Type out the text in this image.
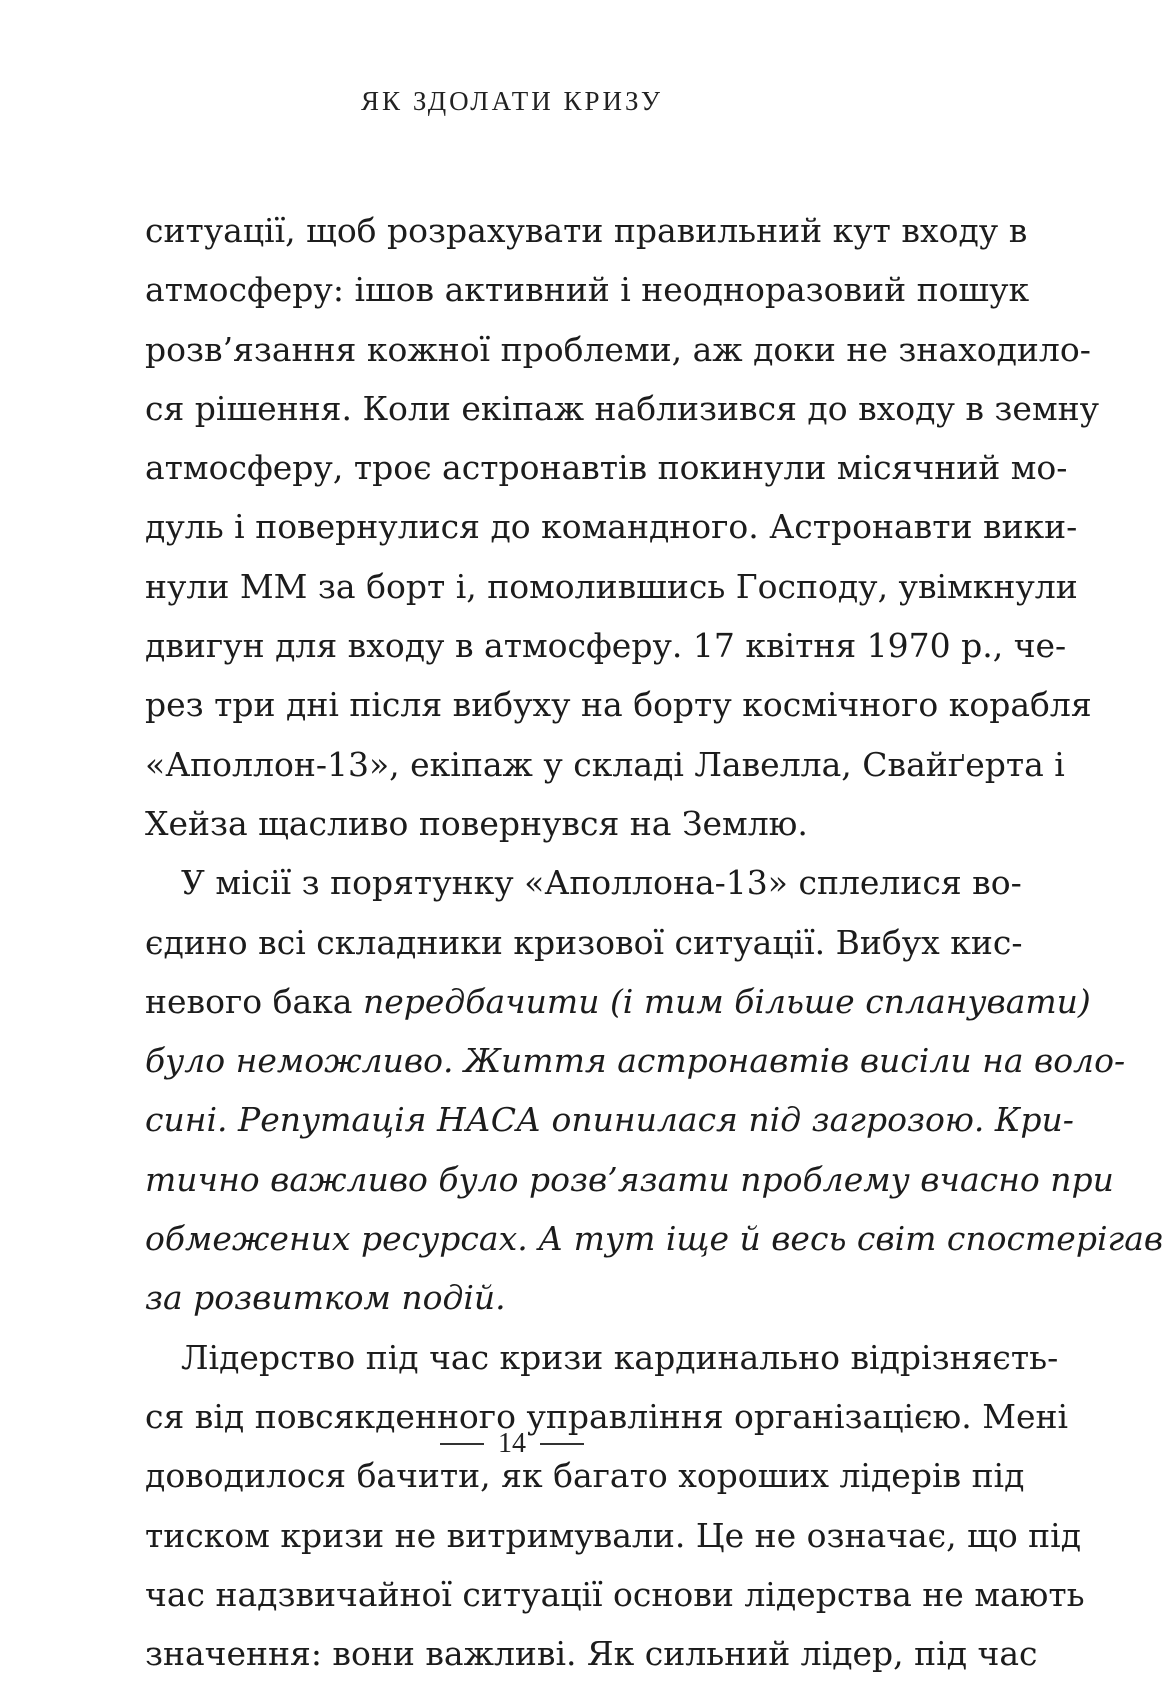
ЯК ЗДОЛАТИ КРИЗУ
ситуації, щоб розрахувати правильний кут входу в
атмосферу: ішов активний і неодноразовий пошук
розв’язання кожної проблеми, аж доки не знаходило-
ся рішення. Коли екіпаж наблизився до входу в земну
атмосферу, троє астронавтів покинули місячний мо-
дуль і повернулися до командного. Астронавти вики-
нули ММ за борт і, помолившись Господу, увімкнули
двигун для входу в атмосферу. 17 квітня 1970 р., че-
рез три дні після вибуху на борту космічного корабля
«Аполлон-13», екіпаж у складі Лавелла, Свайґерта і
Хейза щасливо повернувся на Землю.
У місії з порятунку «Аполлона-13» сплелися во-
єдино всі складники кризової ситуації. Вибух кис-
невого бака передбачити (і тим більше спланувати)
було неможливо. Життя астронавтів висіли на воло-
сині. Репутація НАСА опинилася під загрозою. Кри-
тично важливо було розв’язати проблему вчасно при
обмежених ресурсах. А тут іще й весь світ спостерігав
за розвитком подій.
Лідерство під час кризи кардинально відрізняєть-
ся від повсякденного управління організацією. Мені
доводилося бачити, як багато хороших лідерів під
тиском кризи не витримували. Це не означає, що під
час надзвичайної ситуації основи лідерства не мають
значення: вони важливі. Як сильний лідер, під час
14
